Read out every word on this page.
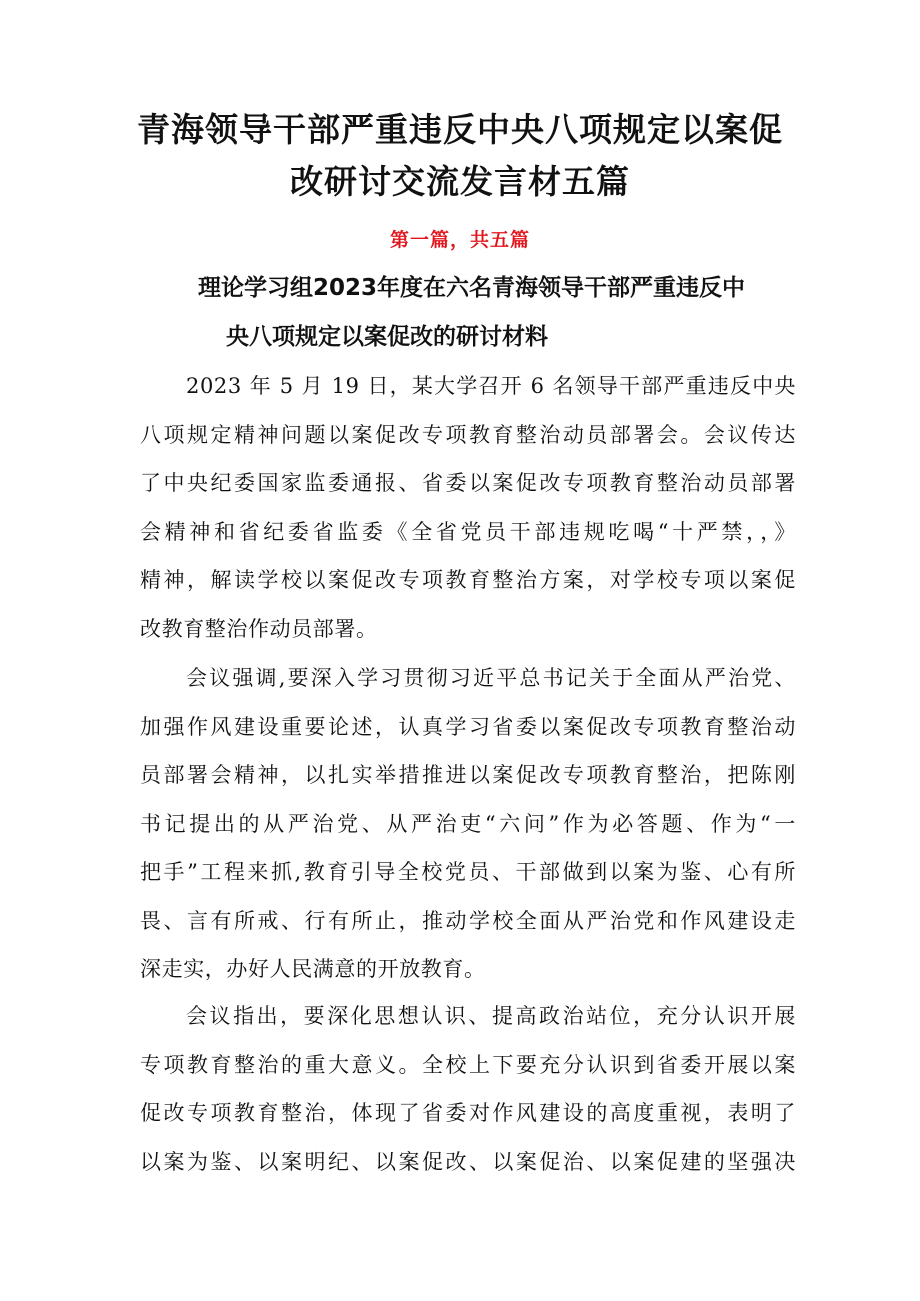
青海领导干部严重违反中央八项规定以案促
改研讨交流发言材五篇
第一篇，共五篇
理论学习组2023年度在六名青海领导干部严重违反中
央八项规定以案促改的研讨材料

2023 年 5 月 19 日，某大学召开 6 名领导干部严重违反中央
八项规定精神问题以案促改专项教育整治动员部署会。会议传达
了中央纪委国家监委通报、省委以案促改专项教育整治动员部署
会精神和省纪委省监委《全省党员干部违规吃喝“十严禁，，》
精神，解读学校以案促改专项教育整治方案，对学校专项以案促
改教育整治作动员部署。

会议强调,要深入学习贯彻习近平总书记关于全面从严治党、
加强作风建设重要论述，认真学习省委以案促改专项教育整治动
员部署会精神，以扎实举措推进以案促改专项教育整治，把陈刚
书记提出的从严治党、从严治吏“六问”作为必答题、作为“一
把手”工程来抓,教育引导全校党员、干部做到以案为鉴、心有所
畏、言有所戒、行有所止，推动学校全面从严治党和作风建设走
深走实，办好人民满意的开放教育。

会议指出，要深化思想认识、提高政治站位，充分认识开展
专项教育整治的重大意义。全校上下要充分认识到省委开展以案
促改专项教育整治，体现了省委对作风建设的高度重视，表明了
以案为鉴、以案明纪、以案促改、以案促治、以案促建的坚强决
